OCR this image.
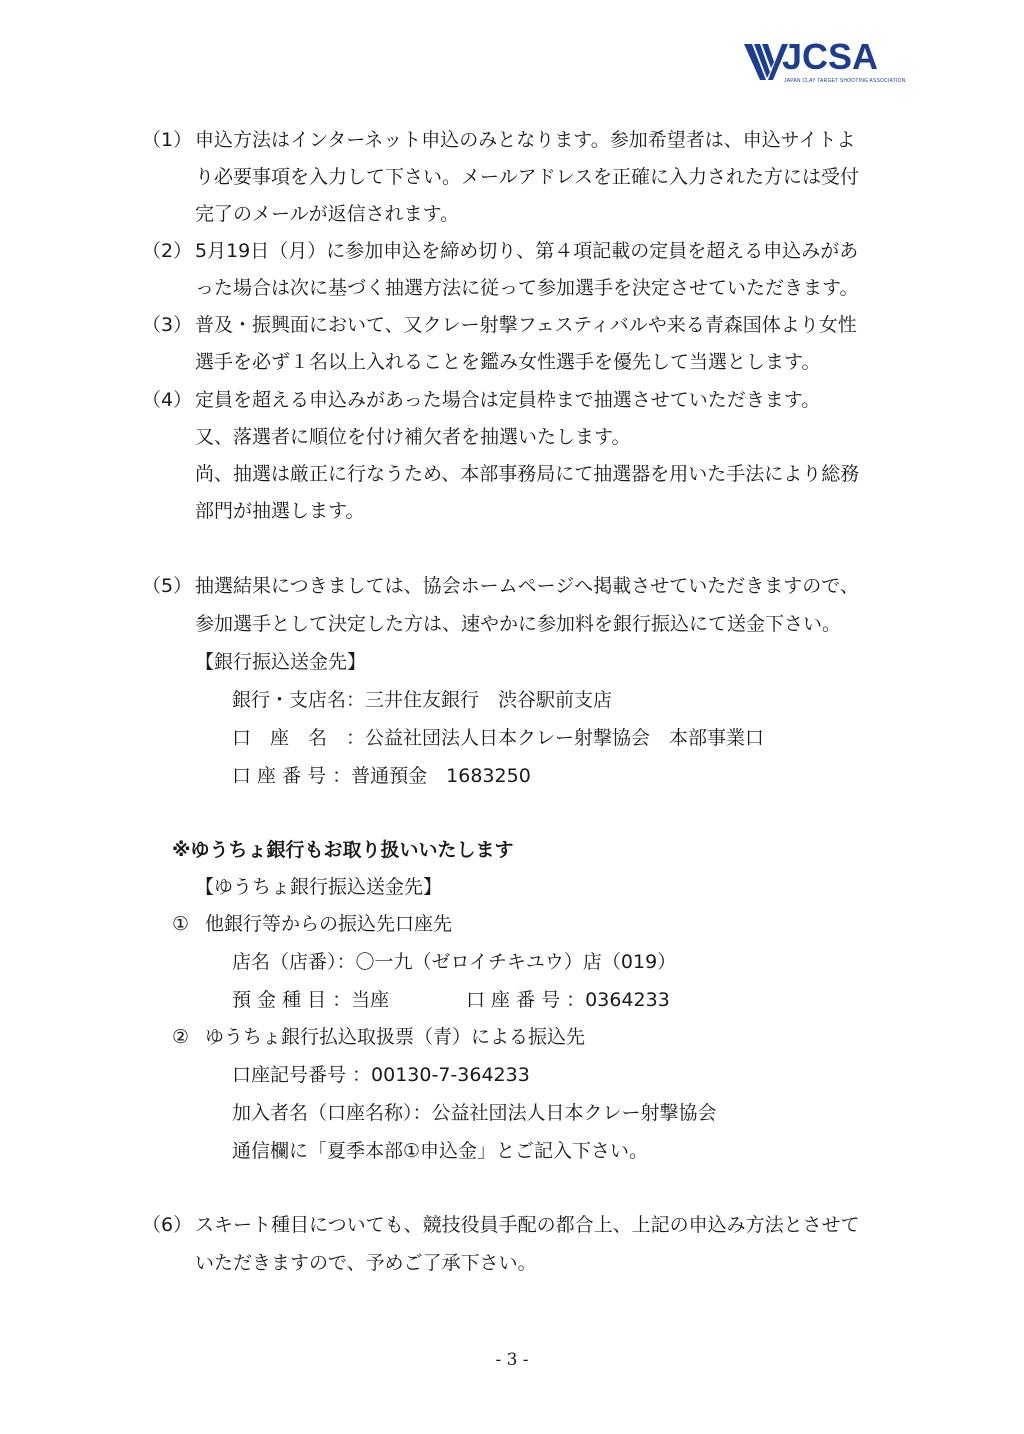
JCSA
JAPAN CLAY TARGET SHOOTING ASSOCIATION
（1） 申込方法はインターネット申込のみとなります。参加希望者は、申込サイトよ
り必要事項を入力して下さい。メールアドレスを正確に入力された方には受付
完了のメールが返信されます。
（2） 5月19日（月）に参加申込を締め切り、第４項記載の定員を超える申込みがあ
った場合は次に基づく抽選方法に従って参加選手を決定させていただきます。
（3） 普及・振興面において、又クレー射撃フェスティバルや来る青森国体より女性
選手を必ず１名以上入れることを鑑み女性選手を優先して当選とします。
（4） 定員を超える申込みがあった場合は定員枠まで抽選させていただきます。
又、落選者に順位を付け補欠者を抽選いたします。
尚、抽選は厳正に行なうため、本部事務局にて抽選器を用いた手法により総務
部門が抽選します。
（5） 抽選結果につきましては、協会ホームページへ掲載させていただきますので、
参加選手として決定した方は、速やかに参加料を銀行振込にて送金下さい。
【銀行振込送金先】
銀行・支店名：三井住友銀行　渋谷駅前支店
口　座　名　：公益社団法人日本クレー射撃協会　本部事業口
口 座 番 号 ：普通預金　1683250
※ゆうちょ銀行もお取り扱いいたします
【ゆうちょ銀行振込送金先】
① 他銀行等からの振込先口座先
店名（店番）：〇一九（ゼロイチキユウ）店（019）
預 金 種 目 ：当座	口 座 番 号 ：0364233
② ゆうちょ銀行払込取扱票（青）による振込先
口座記号番号 ：00130-7-364233
加入者名（口座名称）：公益社団法人日本クレー射撃協会
通信欄に「夏季本部①申込金」とご記入下さい。
（6） スキート種目についても、競技役員手配の都合上、上記の申込み方法とさせて
いただきますので、予めご了承下さい。
- 3 -
